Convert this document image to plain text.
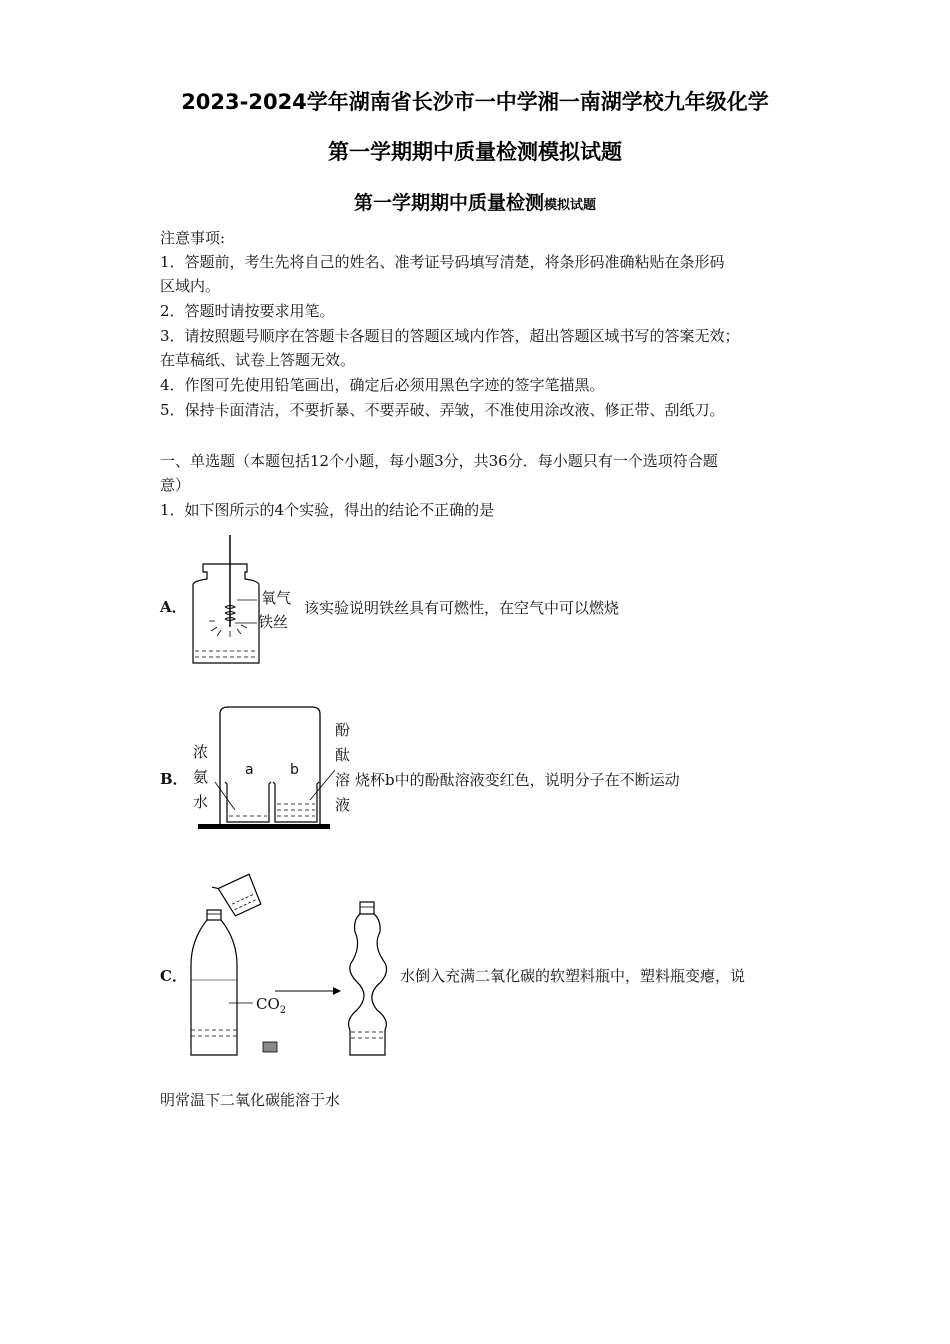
2023-2024学年湖南省长沙市一中学湘一南湖学校九年级化学
第一学期期中质量检测模拟试题
第一学期期中质量检测模拟试题
注意事项:
1．答题前，考生先将自己的姓名、准考证号码填写清楚，将条形码准确粘贴在条形码
区域内。
2．答题时请按要求用笔。
3．请按照题号顺序在答题卡各题目的答题区域内作答，超出答题区域书写的答案无效；
在草稿纸、试卷上答题无效。
4．作图可先使用铅笔画出，确定后必须用黑色字迹的签字笔描黑。
5．保持卡面清洁，不要折暴、不要弄破、弄皱，不准使用涂改液、修正带、刮纸刀。
一、单选题（本题包括12个小题，每小题3分，共36分．每小题只有一个选项符合题
意）
1．如下图所示的4个实验，得出的结论不正确的是
A．	氧气
铁丝
该实验说明铁丝具有可燃性，在空气中可以燃烧
B．
浓
氨
水
酚
酞
溶
液
a	b
烧杯b中的酚酞溶液变红色，说明分子在不断运动
C．
$CO_2$
水倒入充满二氧化碳的软塑料瓶中，塑料瓶变瘪，说
明常温下二氧化碳能溶于水
